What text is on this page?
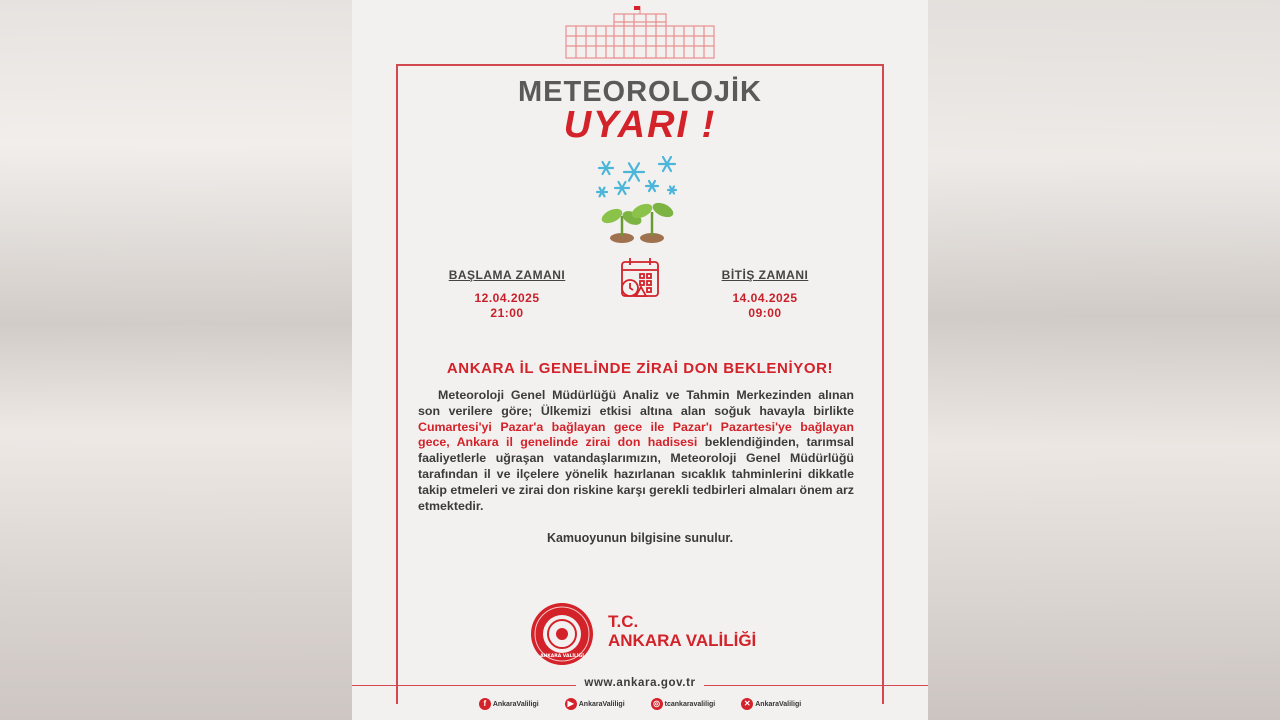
METEOROLOJİK
UYARI !
BAŞLAMA ZAMANI
12.04.2025
21:00
BİTİŞ ZAMANI
14.04.2025
09:00
ANKARA İL GENELİNDE ZİRAİ DON BEKLENİYOR!
Meteoroloji Genel Müdürlüğü Analiz ve Tahmin Merkezinden alınan son verilere göre; Ülkemizi etkisi altına alan soğuk havayla birlikte Cumartesi'yi Pazar'a bağlayan gece ile Pazar'ı Pazartesi'ye bağlayan gece, Ankara il genelinde zirai don hadisesi beklendiğinden, tarımsal faaliyetlerle uğraşan vatandaşlarımızın, Meteoroloji Genel Müdürlüğü tarafından il ve ilçelere yönelik hazırlanan sıcaklık tahminlerini dikkatle takip etmeleri ve zirai don riskine karşı gerekli tedbirleri almaları önem arz etmektedir.
Kamuoyunun bilgisine sunulur.
ANKARA VALİLİĞİ
T.C.
ANKARA VALİLİĞİ
www.ankara.gov.tr
f AnkaraValiligi	▶ AnkaraValiligi	◎ tcankaravaliligi	✕ AnkaraValiligi
